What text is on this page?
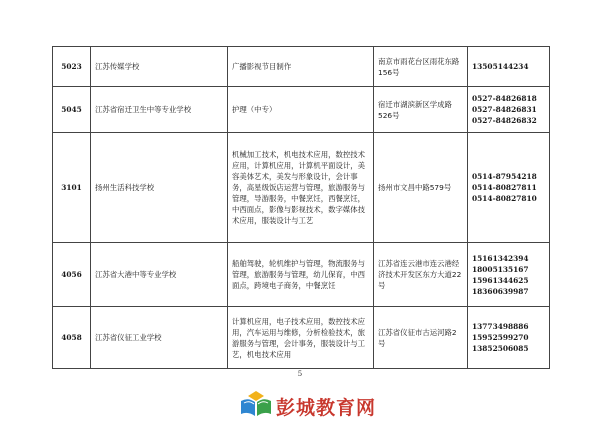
5023	江苏传媒学校	广播影视节目制作	南京市雨花台区雨花东路156号	13505144234

5045	江苏省宿迁卫生中等专业学校	护理（中专）	宿迁市湖滨新区学成路526号	0527-84826818
0527-84826831
0527-84826832

3101	扬州生活科技学校	机械加工技术，机电技术应用，数控技术应用，计算机应用，计算机平面设计，美容美体艺术，美发与形象设计，会计事务，高星级饭店运营与管理，旅游服务与管理，导游服务，中餐烹饪，西餐烹饪，中西面点，影像与影视技术，数字媒体技术应用，服装设计与工艺	扬州市文昌中路579号	0514-87954218
0514-80827811
0514-80827810

4056	江苏省大港中等专业学校	船舶驾驶，轮机维护与管理，物流服务与管理，旅游服务与管理，幼儿保育，中西面点，跨境电子商务，中餐烹饪	江苏省连云港市连云港经济技术开发区东方大道22号	15161342394
18005135167
15961344625
18360639987

4058	江苏省仪征工业学校	计算机应用，电子技术应用，数控技术应用，汽车运用与维修，分析检验技术，旅游服务与管理，会计事务，服装设计与工艺，机电技术应用	江苏省仪征市古运河路2号	13773498886
15952599270
13852506085
5
彭城教育网
